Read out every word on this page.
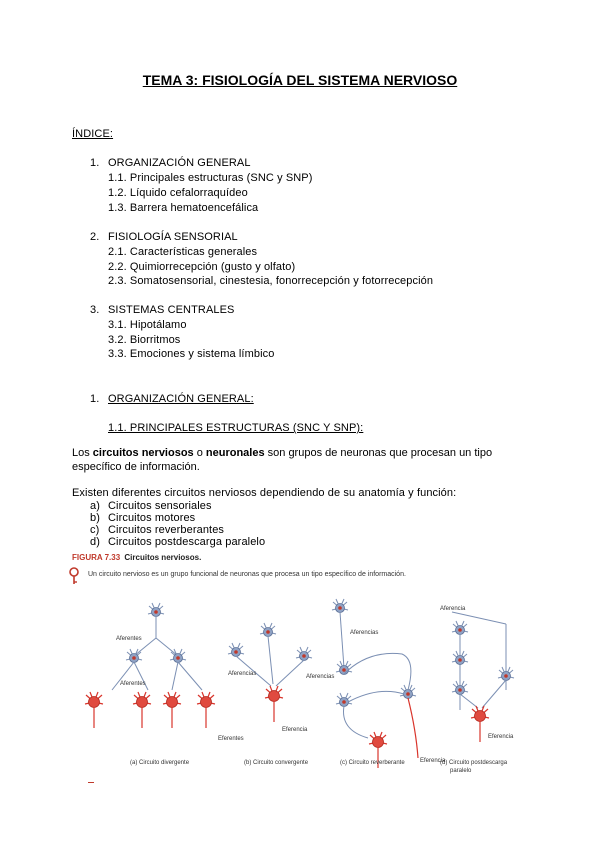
TEMA 3: FISIOLOGÍA DEL SISTEMA NERVIOSO
ÍNDICE:
1. ORGANIZACIÓN GENERAL
1.1. Principales estructuras (SNC y SNP)
1.2. Líquido cefalorraquídeo
1.3. Barrera hematoencefálica
2. FISIOLOGÍA SENSORIAL
2.1. Características generales
2.2. Quimiorrecepción (gusto y olfato)
2.3. Somatosensorial, cinestesia, fonorrecepción y fotorrecepción
3. SISTEMAS CENTRALES
3.1. Hipotálamo
3.2. Biorritmos
3.3. Emociones y sistema límbico
1. ORGANIZACIÓN GENERAL:
1.1. PRINCIPALES ESTRUCTURAS (SNC Y SNP):
Los circuitos nerviosos o neuronales son grupos de neuronas que procesan un tipo específico de información.
Existen diferentes circuitos nerviosos dependiendo de su anatomía y función:
a) Circuitos sensoriales
b) Circuitos motores
c) Circuitos reverberantes
d) Circuitos postdescarga paralelo
FIGURA 7.33 Circuitos nerviosos.
Un circuito nervioso es un grupo funcional de neuronas que procesa un tipo específico de información.
Aferentes
Aferentes
Eferentes
Aferencias	Aferencias
Eferencia
Aferencias
Eferencia
Aferencia
Eferencia
(a) Circuito divergente	(b) Circuito convergente	(c) Circuito reverberante	(d) Circuito postdescarga
paralelo
